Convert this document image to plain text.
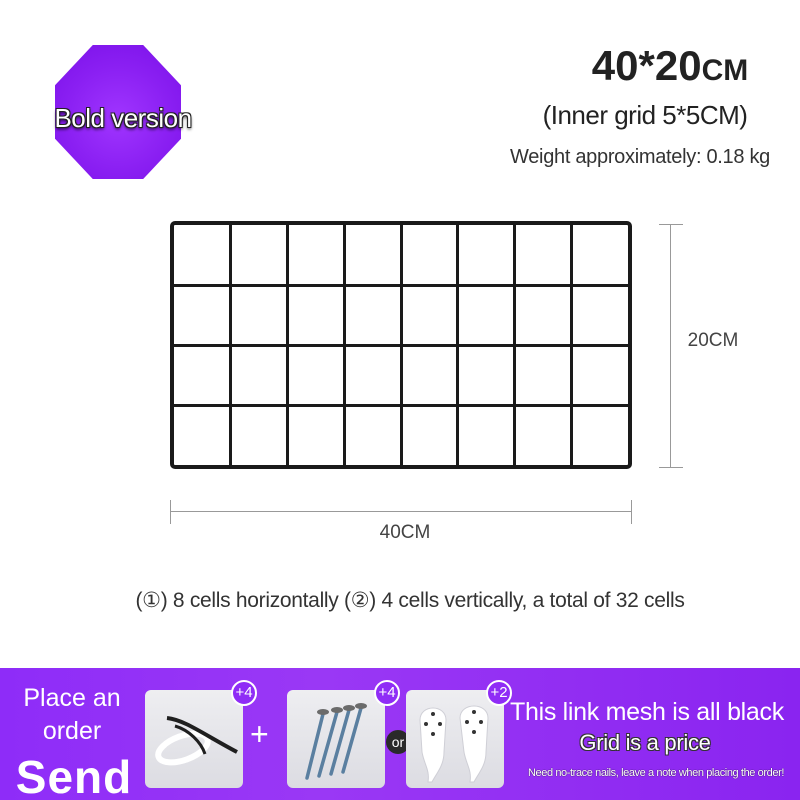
Bold version
40*20CM
(Inner grid 5*5CM)
Weight approximately: 0.18 kg
20CM
40CM
(①) 8 cells horizontally (②) 4 cells vertically, a total of 32 cells
Place an
order
Send
+4
+
+4
or
+2
This link mesh is all black
Grid is a price
Need no-trace nails, leave a note when placing the order!
